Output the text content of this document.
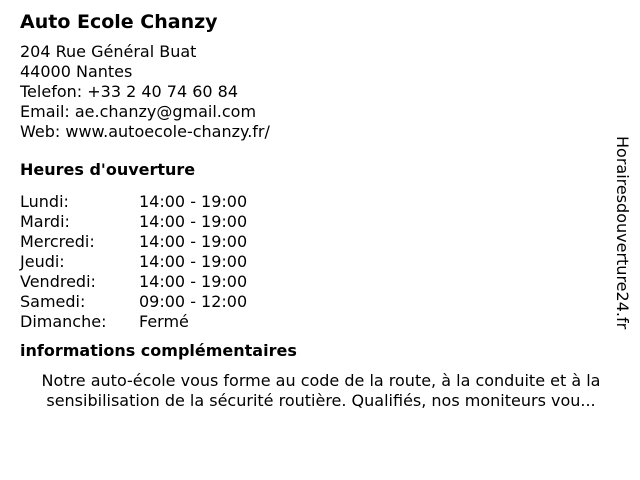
Auto Ecole Chanzy
204 Rue Général Buat
44000 Nantes
Telefon: +33 2 40 74 60 84
Email: ae.chanzy@gmail.com
Web: www.autoecole-chanzy.fr/
Heures d'ouverture
Lundi:	14:00 - 19:00
Mardi:	14:00 - 19:00
Mercredi:	14:00 - 19:00
Jeudi:	14:00 - 19:00
Vendredi:	14:00 - 19:00
Samedi:	09:00 - 12:00
Dimanche:	Fermé
informations complémentaires
Notre auto-école vous forme au code de la route, à la conduite et à la sensibilisation de la sécurité routière. Qualifiés, nos moniteurs vou...
Horairesdouverture24.fr
